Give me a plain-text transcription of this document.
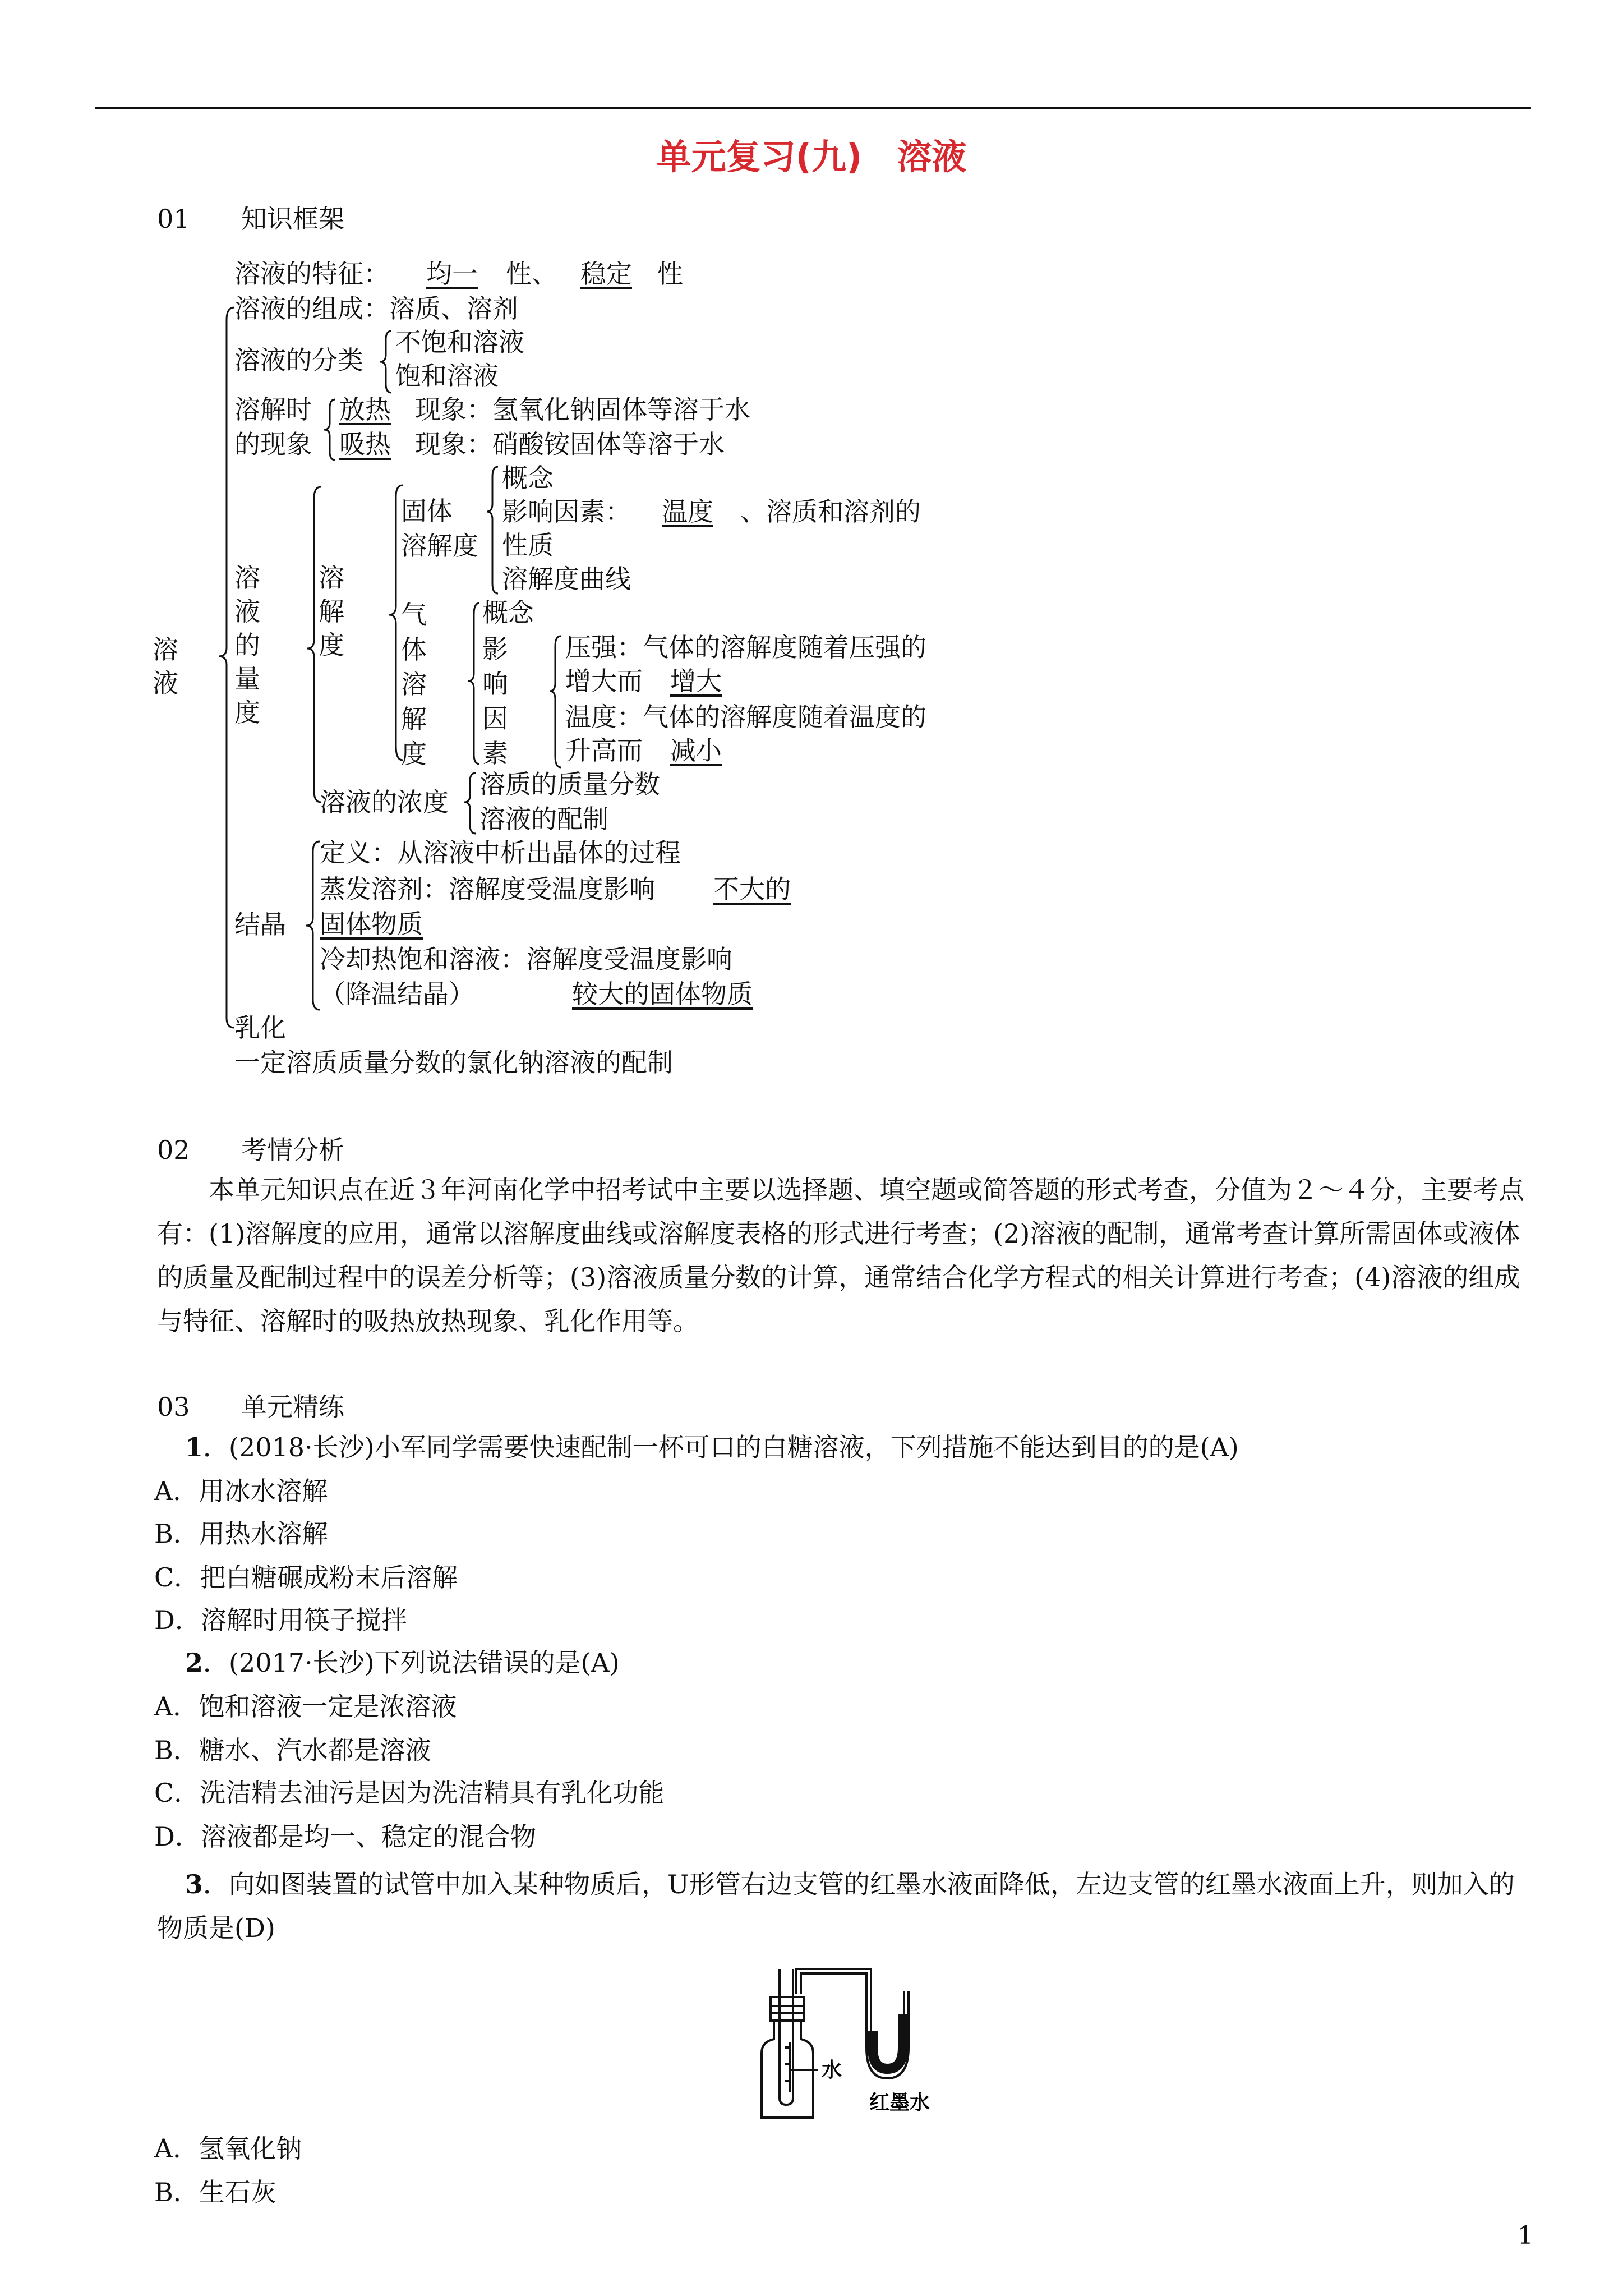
单元复习(九)　溶液
01 知识框架
溶
液
溶液的特征： 均一 性、 稳定 性
溶液的组成：溶质、溶剂
溶液的分类
不饱和溶液
饱和溶液
溶解时
的现象
放热 现象：氢氧化钠固体等溶于水
吸热 现象：硝酸铵固体等溶于水
溶
液
的
量
度
溶
解
度
固体
溶解度
概念
影响因素： 温度 、溶质和溶剂的
性质
溶解度曲线
气
体
溶
解
度
概念
影
响
因
素
压强：气体的溶解度随着压强的
增大而 增大
温度：气体的溶解度随着温度的
升高而 减小
溶液的浓度
溶质的质量分数
溶液的配制
结晶
定义：从溶液中析出晶体的过程
蒸发溶剂：溶解度受温度影响 不大的
固体物质
冷却热饱和溶液：溶解度受温度影响
（降温结晶）	较大的固体物质
乳化
一定溶质质量分数的氯化钠溶液的配制
02 考情分析
本单元知识点在近３年河南化学中招考试中主要以选择题、填空题或简答题的形式考查，分值为２～４分，主要考点有：(1)溶解度的应用，通常以溶解度曲线或溶解度表格的形式进行考查；(2)溶液的配制，通常考查计算所需固体或液体的质量及配制过程中的误差分析等；(3)溶液质量分数的计算，通常结合化学方程式的相关计算进行考查；(4)溶液的组成与特征、溶解时的吸热放热现象、乳化作用等。
03 单元精练
1．(2018·长沙)小军同学需要快速配制一杯可口的白糖溶液，下列措施不能达到目的的是(A)
A．用冰水溶解
B．用热水溶解
C．把白糖碾成粉末后溶解
D．溶解时用筷子搅拌
2．(2017·长沙)下列说法错误的是(A)
A．饱和溶液一定是浓溶液
B．糖水、汽水都是溶液
C．洗洁精去油污是因为洗洁精具有乳化功能
D．溶液都是均一、稳定的混合物
3．向如图装置的试管中加入某种物质后，U形管右边支管的红墨水液面降低，左边支管的红墨水液面上升，则加入的物质是(D)
水
红墨水
A．氢氧化钠
B．生石灰
1
